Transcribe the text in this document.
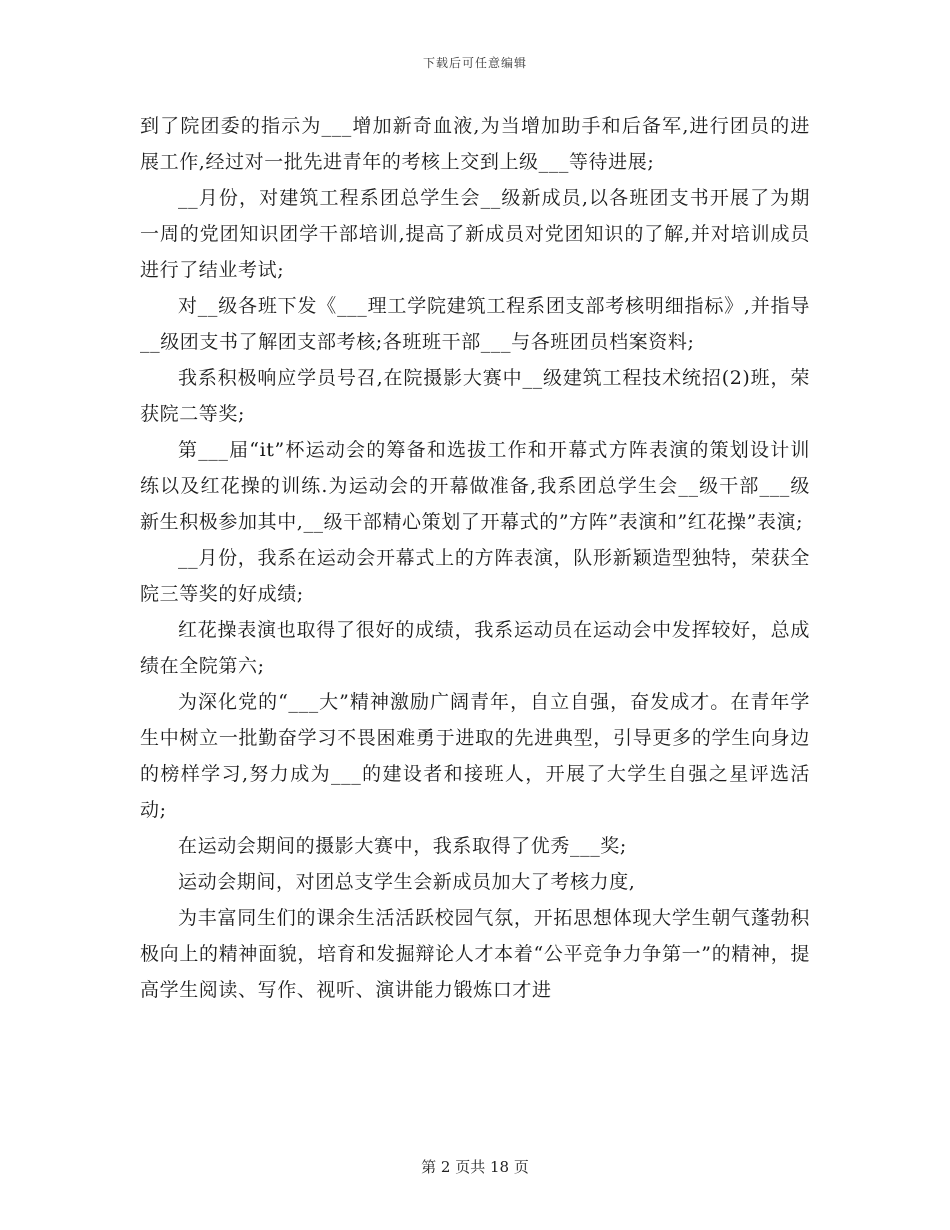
下载后可任意编辑

到了院团委的指示为___增加新奇血液,为当增加助手和后备军,进行团员的进展工作,经过对一批先进青年的考核上交到上级___等待进展;

__月份，对建筑工程系团总学生会__级新成员,以各班团支书开展了为期一周的党团知识团学干部培训,提高了新成员对党团知识的了解,并对培训成员进行了结业考试;

对__级各班下发《___理工学院建筑工程系团支部考核明细指标》,并指导__级团支书了解团支部考核;各班班干部___与各班团员档案资料;

我系积极响应学员号召,在院摄影大赛中__级建筑工程技术统招(2)班，荣获院二等奖;

第___届“it”杯运动会的筹备和选拔工作和开幕式方阵表演的策划设计训练以及红花操的训练.为运动会的开幕做准备,我系团总学生会__级干部___级新生积极参加其中,__级干部精心策划了开幕式的”方阵”表演和”红花操”表演;

__月份，我系在运动会开幕式上的方阵表演，队形新颖造型独特，荣获全院三等奖的好成绩;

红花操表演也取得了很好的成绩，我系运动员在运动会中发挥较好，总成绩在全院第六;

为深化党的“___大”精神激励广阔青年，自立自强，奋发成才。在青年学生中树立一批勤奋学习不畏困难勇于进取的先进典型，引导更多的学生向身边的榜样学习,努力成为___的建设者和接班人，开展了大学生自强之星评选活动;

在运动会期间的摄影大赛中，我系取得了优秀___奖;

运动会期间，对团总支学生会新成员加大了考核力度,

为丰富同生们的课余生活活跃校园气氛，开拓思想体现大学生朝气蓬勃积极向上的精神面貌，培育和发掘辩论人才本着“公平竞争力争第一”的精神，提高学生阅读、写作、视听、演讲能力锻炼口才进

第 2 页共 18 页
